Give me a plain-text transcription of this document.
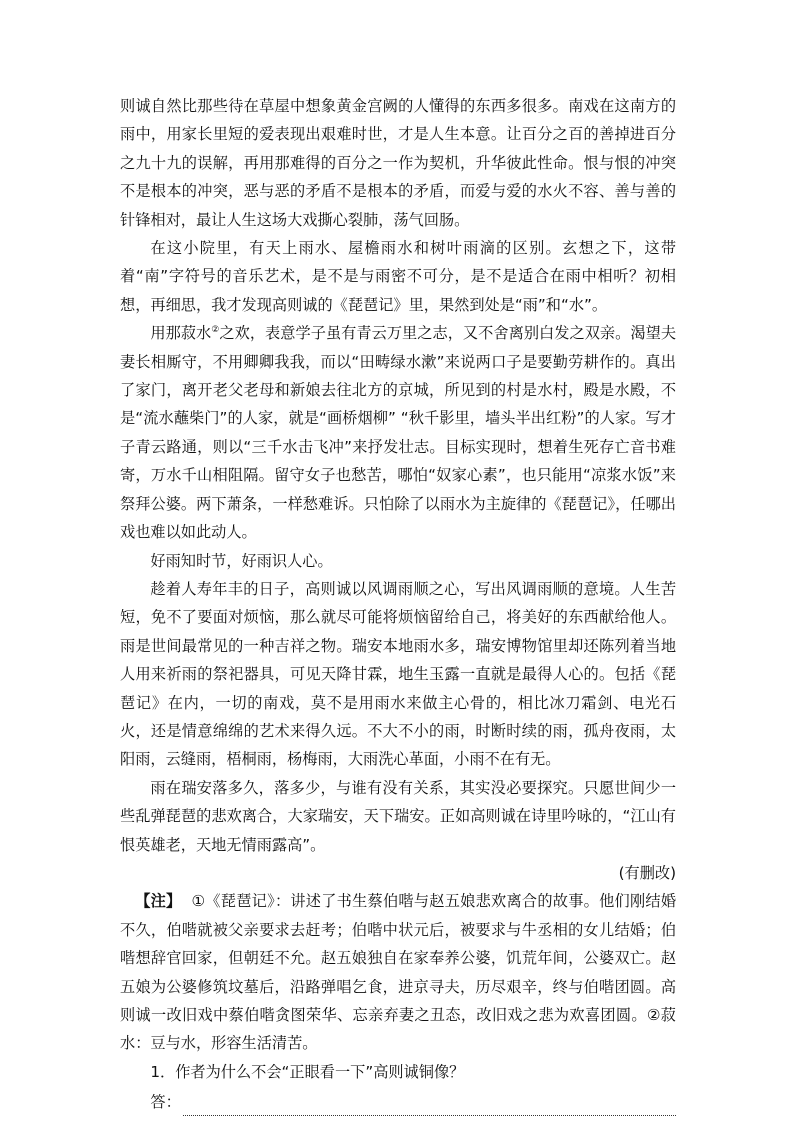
则诚自然比那些待在草屋中想象黄金宫阙的人懂得的东西多很多。南戏在这南方的雨中，用家长里短的爱表现出艰难时世，才是人生本意。让百分之百的善掉进百分之九十九的误解，再用那难得的百分之一作为契机，升华彼此性命。恨与恨的冲突不是根本的冲突，恶与恶的矛盾不是根本的矛盾，而爱与爱的水火不容、善与善的针锋相对，最让人生这场大戏撕心裂肺，荡气回肠。

在这小院里，有天上雨水、屋檐雨水和树叶雨滴的区别。玄想之下，这带着“南”字符号的音乐艺术，是不是与雨密不可分，是不是适合在雨中相听？初相想，再细思，我才发现高则诚的《琵琶记》里，果然到处是“雨”和“水”。

用那菽水②之欢，表意学子虽有青云万里之志，又不舍离别白发之双亲。渴望夫妻长相厮守，不用卿卿我我，而以“田畴绿水漱”来说两口子是要勤劳耕作的。真出了家门，离开老父老母和新娘去往北方的京城，所见到的村是水村，殿是水殿，不是“流水蘸柴门”的人家，就是“画桥烟柳” “秋千影里，墙头半出红粉”的人家。写才子青云路通，则以“三千水击飞冲”来抒发壮志。目标实现时，想着生死存亡音书难寄，万水千山相阻隔。留守女子也愁苦，哪怕“奴家心素”，也只能用“凉浆水饭”来祭拜公婆。两下萧条，一样愁难诉。只怕除了以雨水为主旋律的《琵琶记》，任哪出戏也难以如此动人。

好雨知时节，好雨识人心。

趁着人寿年丰的日子，高则诚以风调雨顺之心，写出风调雨顺的意境。人生苦短，免不了要面对烦恼，那么就尽可能将烦恼留给自己，将美好的东西献给他人。雨是世间最常见的一种吉祥之物。瑞安本地雨水多，瑞安博物馆里却还陈列着当地人用来祈雨的祭祀器具，可见天降甘霖，地生玉露一直就是最得人心的。包括《琵琶记》在内，一切的南戏，莫不是用雨水来做主心骨的，相比冰刀霜剑、电光石火，还是情意绵绵的艺术来得久远。不大不小的雨，时断时续的雨，孤舟夜雨，太阳雨，云缝雨，梧桐雨，杨梅雨，大雨洗心革面，小雨不在有无。

雨在瑞安落多久，落多少，与谁有没有关系，其实没必要探究。只愿世间少一些乱弹琵琶的悲欢离合，大家瑞安，天下瑞安。正如高则诚在诗里吟咏的，“江山有恨英雄老，天地无情雨露高”。

(有删改)

【注】 ①《琵琶记》：讲述了书生蔡伯喈与赵五娘悲欢离合的故事。他们刚结婚不久，伯喈就被父亲要求去赶考；伯喈中状元后，被要求与牛丞相的女儿结婚；伯喈想辞官回家，但朝廷不允。赵五娘独自在家奉养公婆，饥荒年间，公婆双亡。赵五娘为公婆修筑坟墓后，沿路弹唱乞食，进京寻夫，历尽艰辛，终与伯喈团圆。高则诚一改旧戏中蔡伯喈贪图荣华、忘亲弃妻之丑态，改旧戏之悲为欢喜团圆。②菽水：豆与水，形容生活清苦。

1．作者为什么不会“正眼看一下”高则诚铜像？

答：
